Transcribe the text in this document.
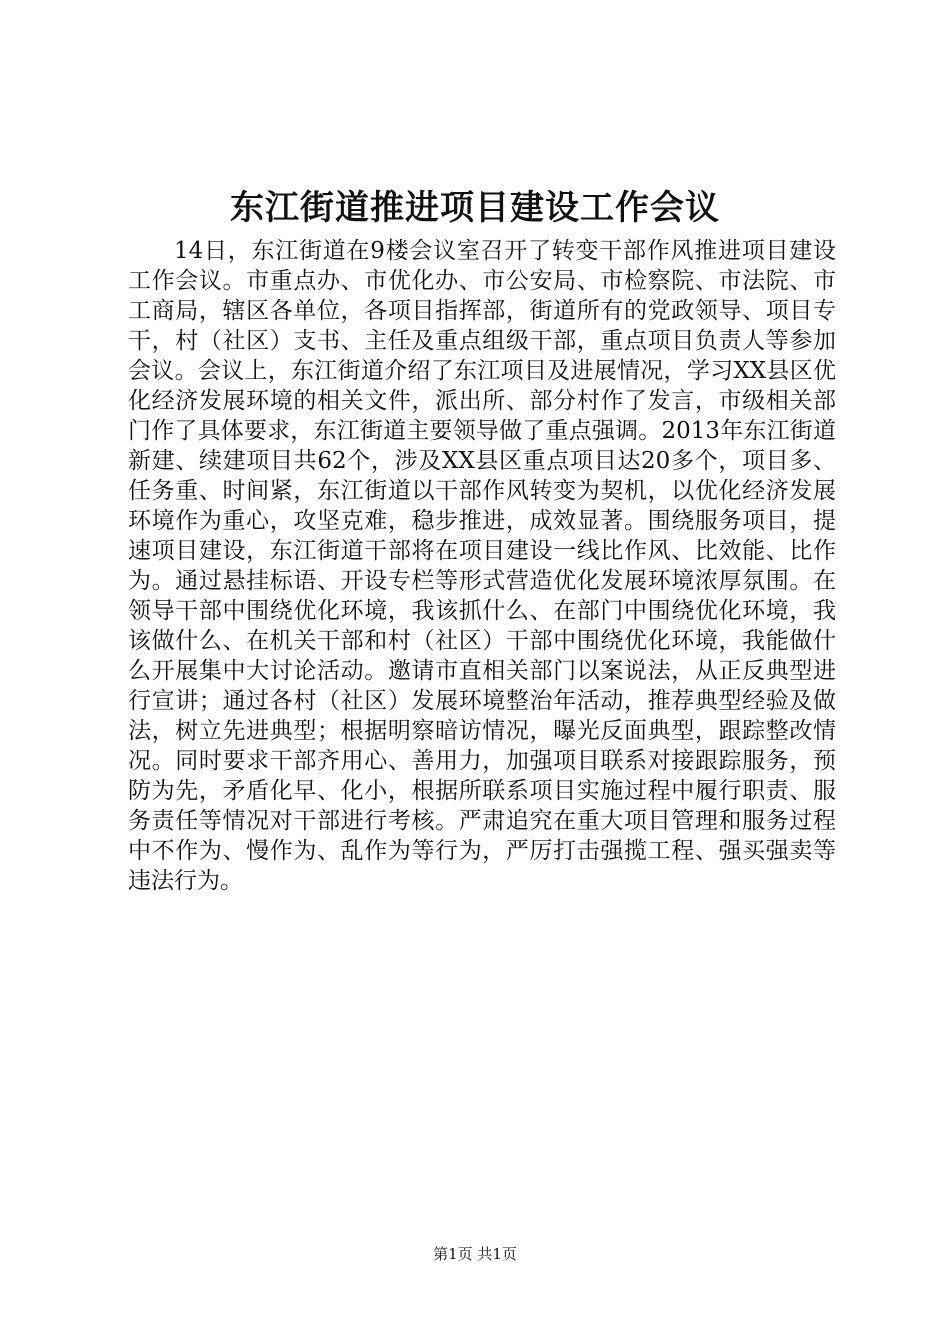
东江街道推进项目建设工作会议

14日，东江街道在9楼会议室召开了转变干部作风推进项目建设工作会议。市重点办、市优化办、市公安局、市检察院、市法院、市工商局，辖区各单位，各项目指挥部，街道所有的党政领导、项目专干，村（社区）支书、主任及重点组级干部，重点项目负责人等参加会议。会议上，东江街道介绍了东江项目及进展情况，学习XX县区优化经济发展环境的相关文件，派出所、部分村作了发言，市级相关部门作了具体要求，东江街道主要领导做了重点强调。2013年东江街道新建、续建项目共62个，涉及XX县区重点项目达20多个，项目多、任务重、时间紧，东江街道以干部作风转变为契机，以优化经济发展环境作为重心，攻坚克难，稳步推进，成效显著。围绕服务项目，提速项目建设，东江街道干部将在项目建设一线比作风、比效能、比作为。通过悬挂标语、开设专栏等形式营造优化发展环境浓厚氛围。在领导干部中围绕优化环境，我该抓什么、在部门中围绕优化环境，我该做什么、在机关干部和村（社区）干部中围绕优化环境，我能做什么开展集中大讨论活动。邀请市直相关部门以案说法，从正反典型进行宣讲；通过各村（社区）发展环境整治年活动，推荐典型经验及做法，树立先进典型；根据明察暗访情况，曝光反面典型，跟踪整改情况。同时要求干部齐用心、善用力，加强项目联系对接跟踪服务，预防为先，矛盾化早、化小，根据所联系项目实施过程中履行职责、服务责任等情况对干部进行考核。严肃追究在重大项目管理和服务过程中不作为、慢作为、乱作为等行为，严厉打击强揽工程、强买强卖等违法行为。

第1页 共1页
